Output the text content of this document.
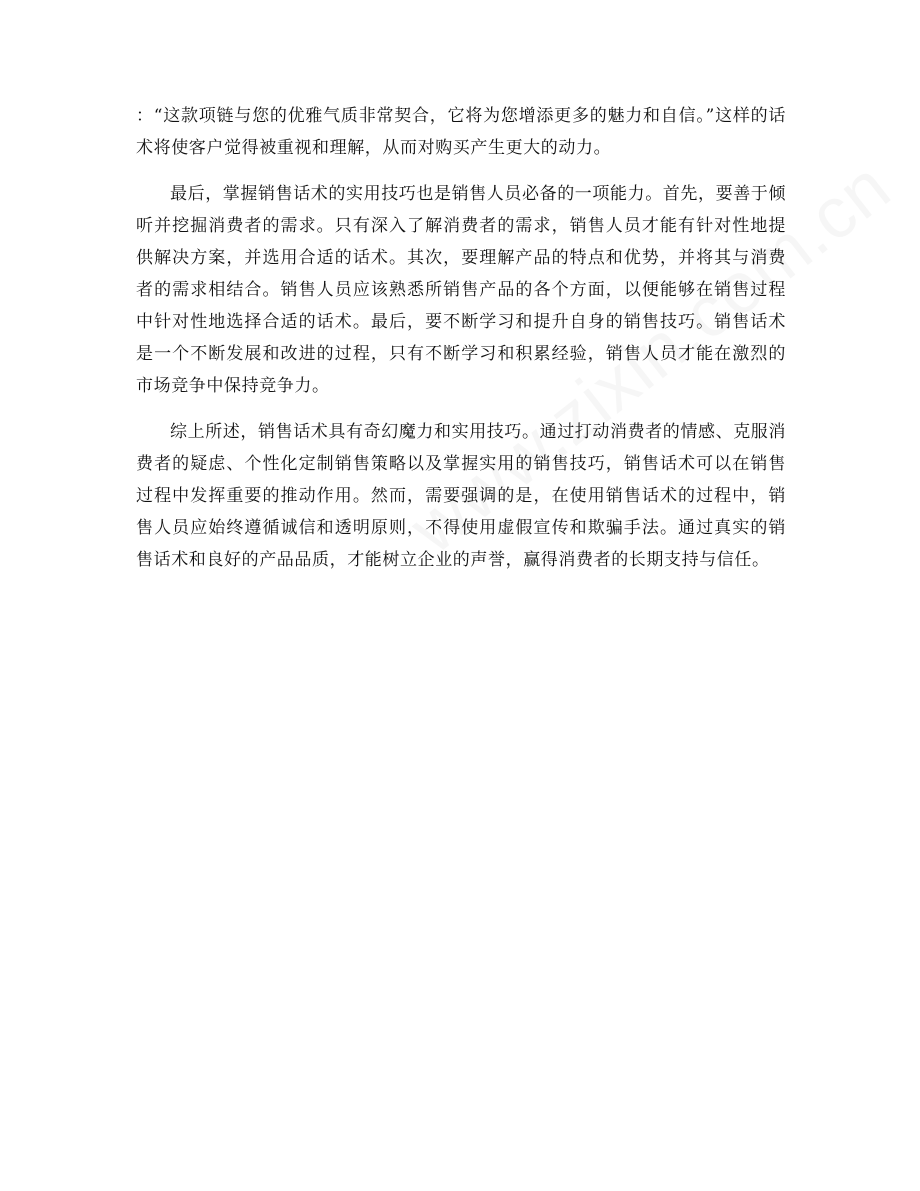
：“这款项链与您的优雅气质非常契合，它将为您增添更多的魅力和自信。”这样的话术将使客户觉得被重视和理解，从而对购买产生更大的动力。

最后，掌握销售话术的实用技巧也是销售人员必备的一项能力。首先，要善于倾听并挖掘消费者的需求。只有深入了解消费者的需求，销售人员才能有针对性地提供解决方案，并选用合适的话术。其次，要理解产品的特点和优势，并将其与消费者的需求相结合。销售人员应该熟悉所销售产品的各个方面，以便能够在销售过程中针对性地选择合适的话术。最后，要不断学习和提升自身的销售技巧。销售话术是一个不断发展和改进的过程，只有不断学习和积累经验，销售人员才能在激烈的市场竞争中保持竞争力。

综上所述，销售话术具有奇幻魔力和实用技巧。通过打动消费者的情感、克服消费者的疑虑、个性化定制销售策略以及掌握实用的销售技巧，销售话术可以在销售过程中发挥重要的推动作用。然而，需要强调的是，在使用销售话术的过程中，销售人员应始终遵循诚信和透明原则，不得使用虚假宣传和欺骗手法。通过真实的销售话术和良好的产品品质，才能树立企业的声誉，赢得消费者的长期支持与信任。
